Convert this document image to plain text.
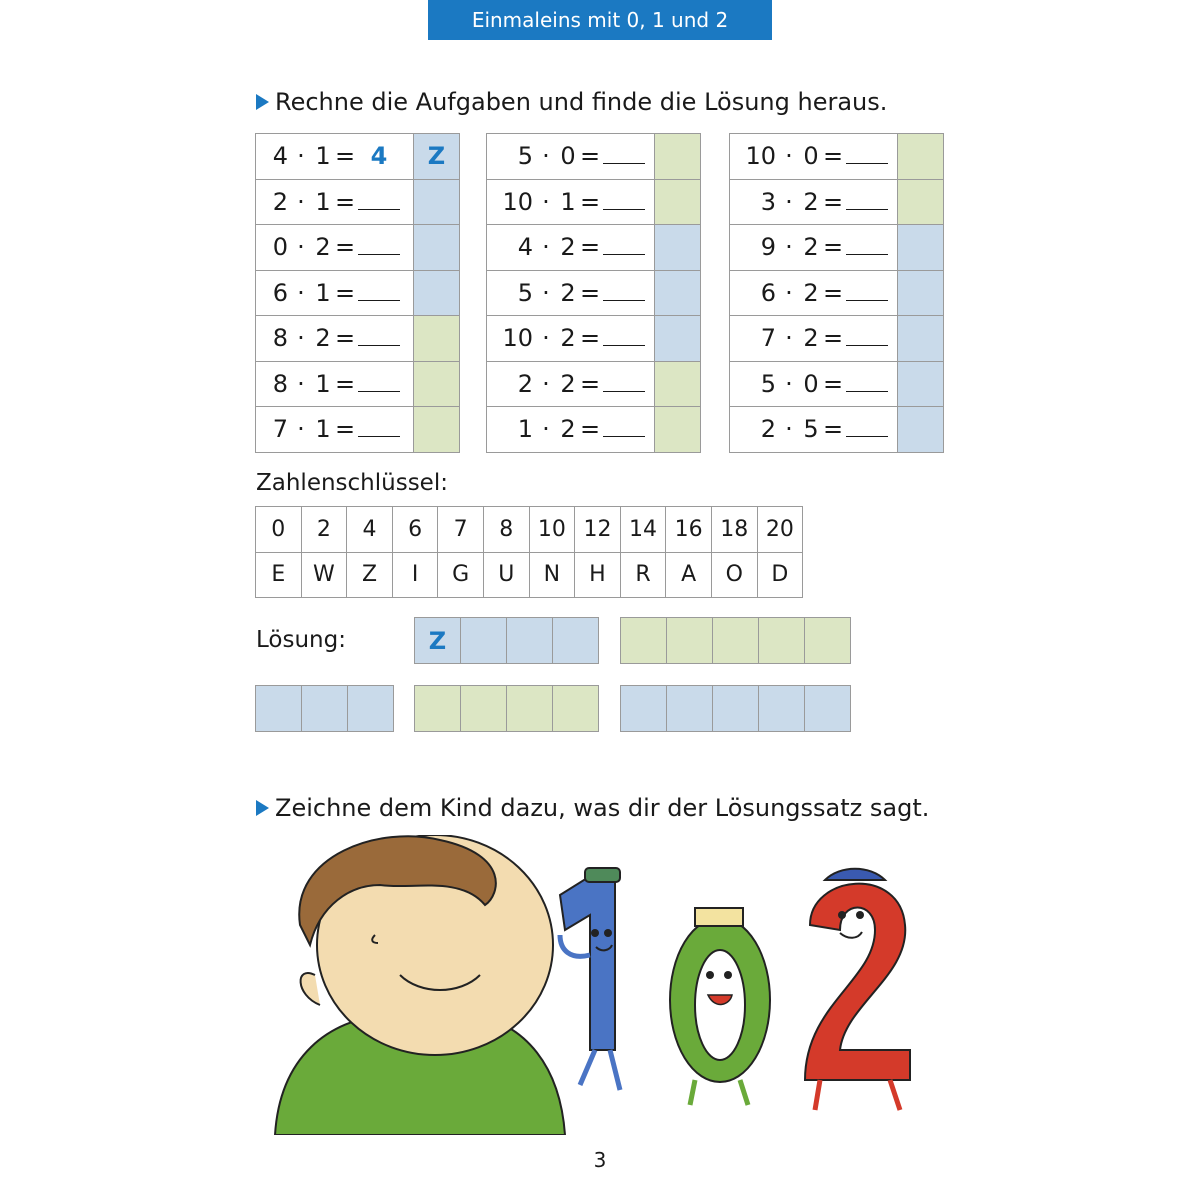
Einmaleins mit 0, 1 und 2
Rechne die Aufgaben und finde die Lösung heraus.
4 · 1 = 4	Z
2 · 1 =	
0 · 2 =	
6 · 1 =	
8 · 2 =	
8 · 1 =	
7 · 1 =	
5 · 0 =	
10 · 1 =	
4 · 2 =	
5 · 2 =	
10 · 2 =	
2 · 2 =	
1 · 2 =	
10 · 0 =	
3 · 2 =	
9 · 2 =	
6 · 2 =	
7 · 2 =	
5 · 0 =	
2 · 5 =	
Zahlenschlüssel:
0	2	4	6	7	8	10	12	14	16	18	20
E	W	Z	I	G	U	N	H	R	A	O	D
Lösung:	Z
Zeichne dem Kind dazu, was dir der Lösungssatz sagt.
3
